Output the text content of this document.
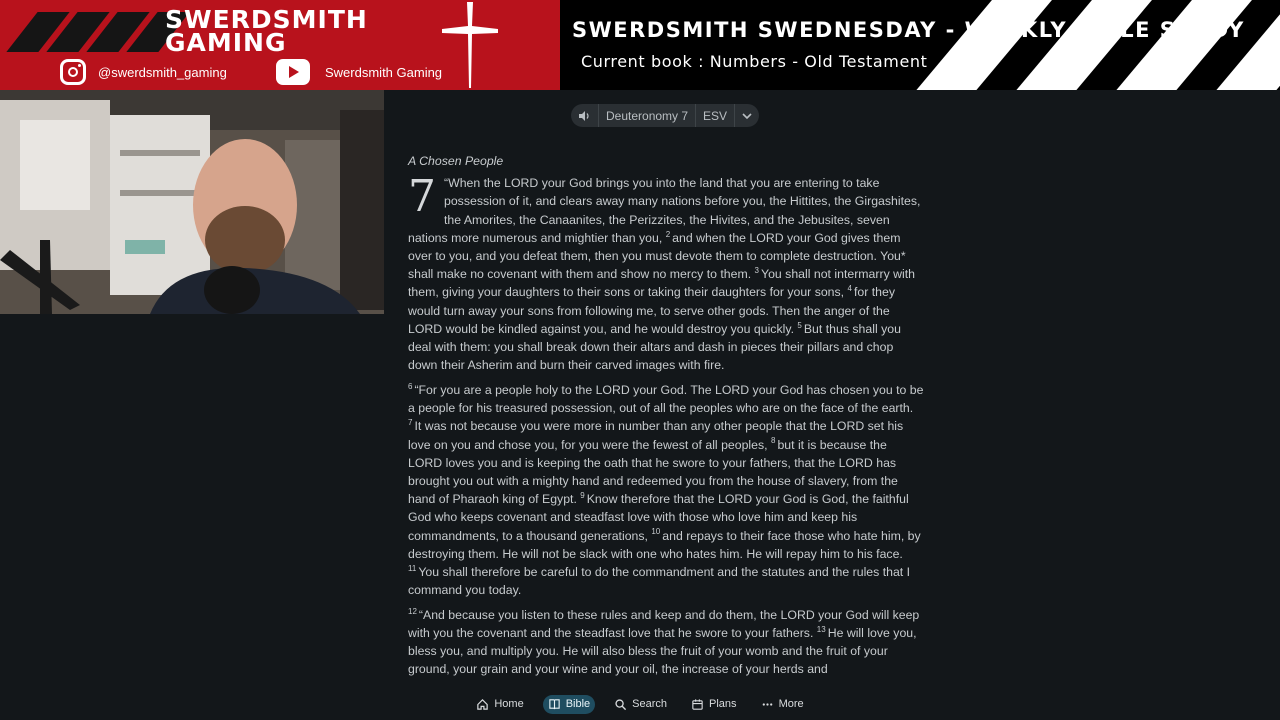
SWERDSMITH
GAMING
@swerdsmith_gaming	Swerdsmith Gaming
SWERDSMITH SWEDNESDAY - WEEKLY BIBLE STUDY
Current book : Numbers - Old Testament
Deuteronomy 7	ESV
A Chosen People

7 “When the LORD your God brings you into the land that you are entering to take possession of it, and clears away many nations before you, the Hittites, the Girgashites, the Amorites, the Canaanites, the Perizzites, the Hivites, and the Jebusites, seven nations more numerous and mightier than you, $^2$ and when the LORD your God gives them over to you, and you defeat them, then you must devote them to complete destruction. You* shall make no covenant with them and show no mercy to them. $^3$ You shall not intermarry with them, giving your daughters to their sons or taking their daughters for your sons, $^4$ for they would turn away your sons from following me, to serve other gods. Then the anger of the LORD would be kindled against you, and he would destroy you quickly. $^5$ But thus shall you deal with them: you shall break down their altars and dash in pieces their pillars and chop down their Asherim and burn their carved images with fire.

$^6$ “For you are a people holy to the LORD your God. The LORD your God has chosen you to be a people for his treasured possession, out of all the peoples who are on the face of the earth. $^7$ It was not because you were more in number than any other people that the LORD set his love on you and chose you, for you were the fewest of all peoples, $^8$ but it is because the LORD loves you and is keeping the oath that he swore to your fathers, that the LORD has brought you out with a mighty hand and redeemed you from the house of slavery, from the hand of Pharaoh king of Egypt. $^9$ Know therefore that the LORD your God is God, the faithful God who keeps covenant and steadfast love with those who love him and keep his commandments, to a thousand generations, $^{10}$ and repays to their face those who hate him, by destroying them. He will not be slack with one who hates him. He will repay him to his face. $^{11}$ You shall therefore be careful to do the commandment and the statutes and the rules that I command you today.

$^{12}$ “And because you listen to these rules and keep and do them, the LORD your God will keep with you the covenant and the steadfast love that he swore to your fathers. $^{13}$ He will love you, bless you, and multiply you. He will also bless the fruit of your womb and the fruit of your ground, your grain and your wine and your oil, the increase of your herds and

Home	Bible	Search	Plans	More
